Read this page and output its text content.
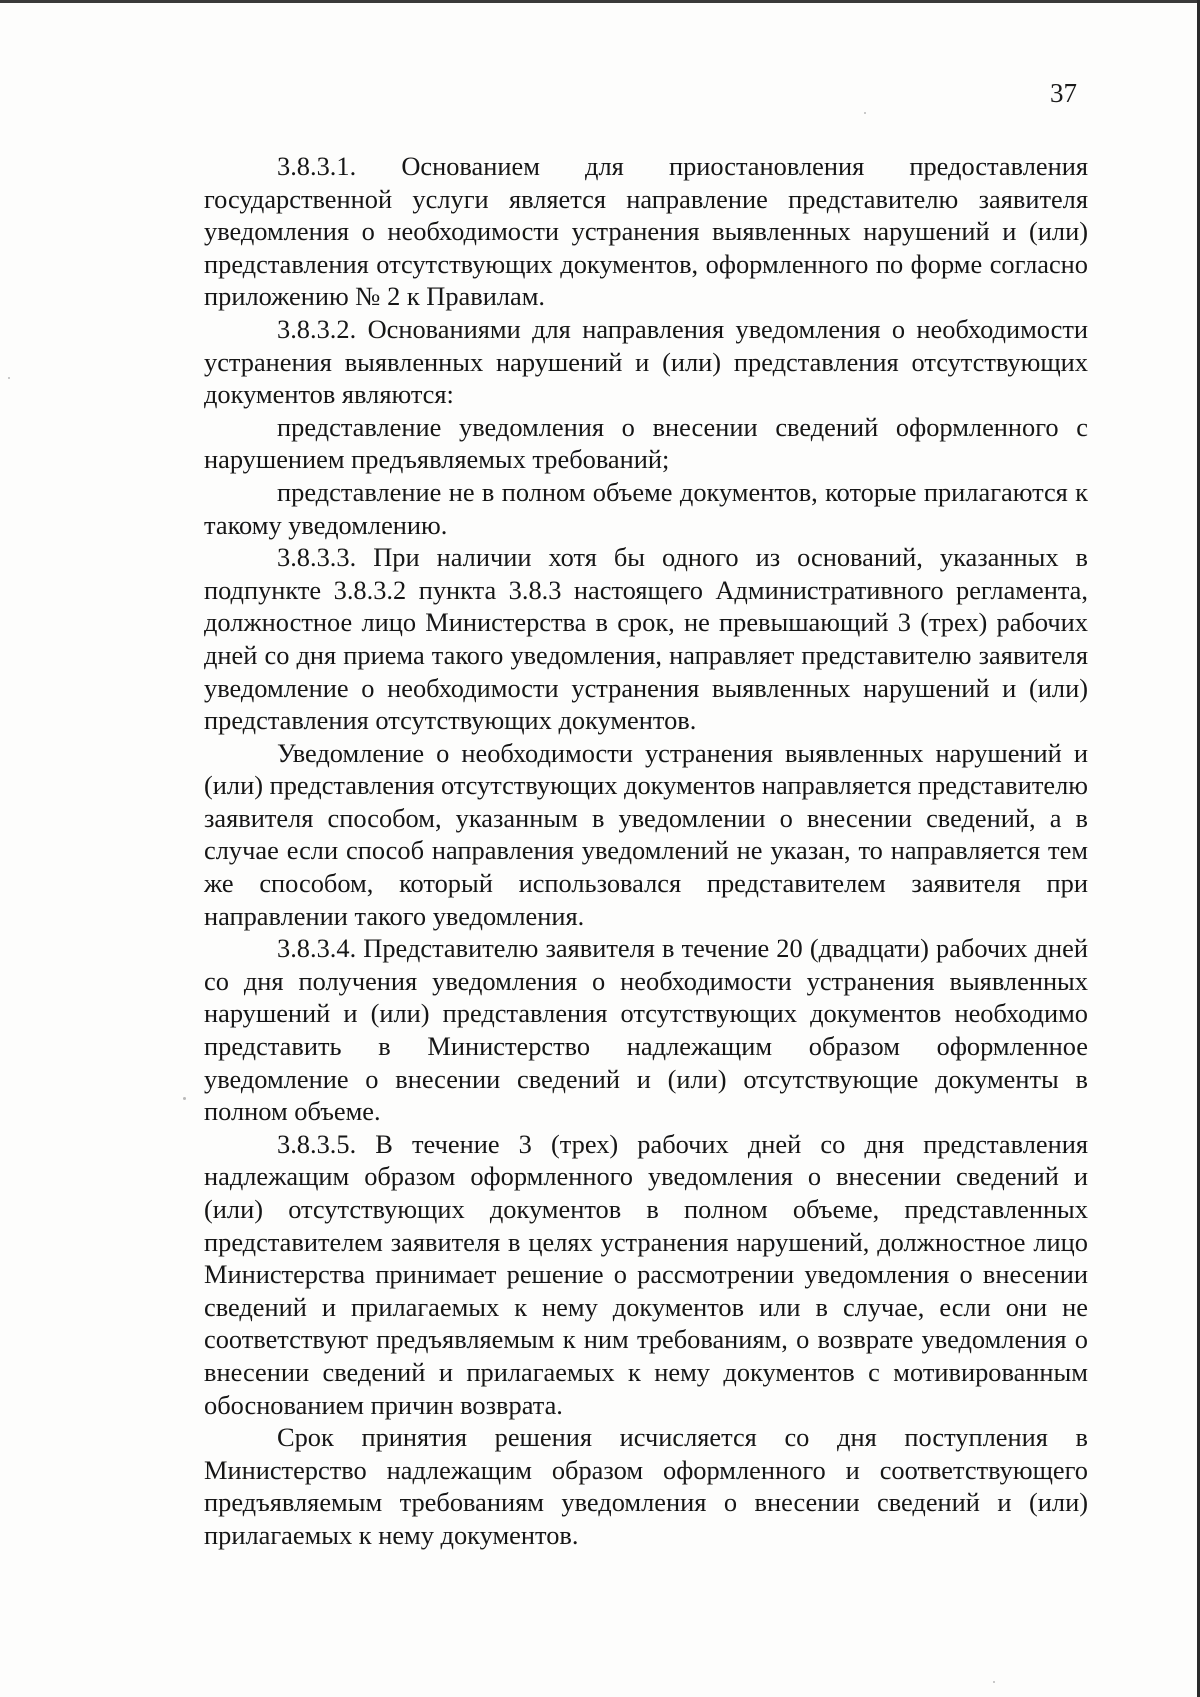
37

3.8.3.1. Основанием для приостановления предоставления государственной услуги является направление представителю заявителя уведомления о необходимости устранения выявленных нарушений и (или) представления отсутствующих документов, оформленного по форме согласно приложению № 2 к Правилам.

3.8.3.2. Основаниями для направления уведомления о необходимости устранения выявленных нарушений и (или) представления отсутствующих документов являются:

представление уведомления о внесении сведений оформленного с нарушением предъявляемых требований;

представление не в полном объеме документов, которые прилагаются к такому уведомлению.

3.8.3.3. При наличии хотя бы одного из оснований, указанных в подпункте 3.8.3.2 пункта 3.8.3 настоящего Административного регламента, должностное лицо Министерства в срок, не превышающий 3 (трех) рабочих дней со дня приема такого уведомления, направляет представителю заявителя уведомление о необходимости устранения выявленных нарушений и (или) представления отсутствующих документов.

Уведомление о необходимости устранения выявленных нарушений и (или) представления отсутствующих документов направляется представителю заявителя способом, указанным в уведомлении о внесении сведений, а в случае если способ направления уведомлений не указан, то направляется тем же способом, который использовался представителем заявителя при направлении такого уведомления.

3.8.3.4. Представителю заявителя в течение 20 (двадцати) рабочих дней со дня получения уведомления о необходимости устранения выявленных нарушений и (или) представления отсутствующих документов необходимо представить в Министерство надлежащим образом оформленное уведомление о внесении сведений и (или) отсутствующие документы в полном объеме.

3.8.3.5. В течение 3 (трех) рабочих дней со дня представления надлежащим образом оформленного уведомления о внесении сведений и (или) отсутствующих документов в полном объеме, представленных представителем заявителя в целях устранения нарушений, должностное лицо Министерства принимает решение о рассмотрении уведомления о внесении сведений и прилагаемых к нему документов или в случае, если они не соответствуют предъявляемым к ним требованиям, о возврате уведомления о внесении сведений и прилагаемых к нему документов с мотивированным обоснованием причин возврата.

Срок принятия решения исчисляется со дня поступления в Министерство надлежащим образом оформленного и соответствующего предъявляемым требованиям уведомления о внесении сведений и (или) прилагаемых к нему документов.
